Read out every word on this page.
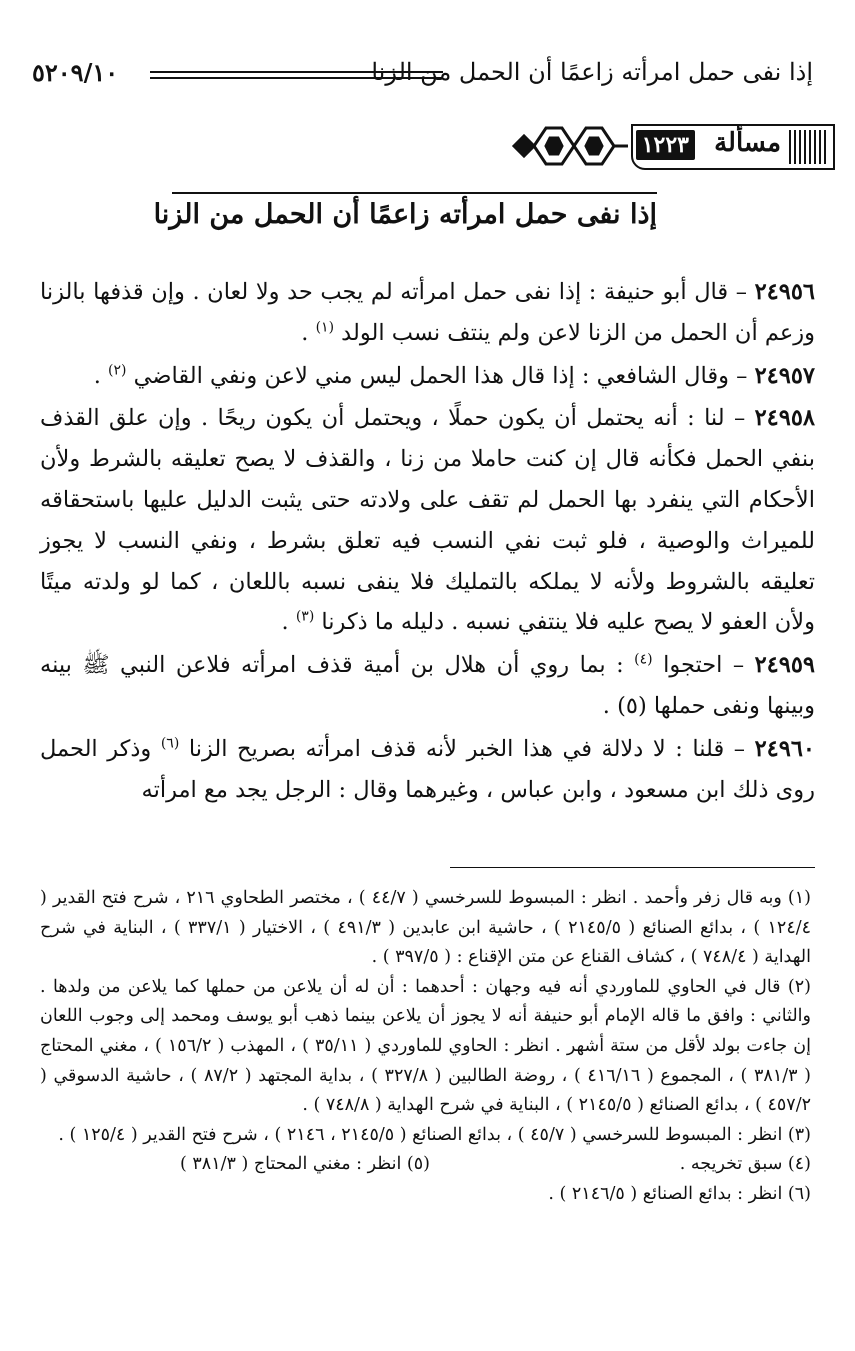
إذا نفى حمل امرأته زاعمًا أن الحمل من الزنا
٥٢٠٩/١٠
مسألة
١٢٢٣
إذا نفى حمل امرأته زاعمًا أن الحمل من الزنا

٢٤٩٥٦ – قال أبو حنيفة : إذا نفى حمل امرأته لم يجب حد ولا لعان . وإن قذفها بالزنا وزعم أن الحمل من الزنا لاعن ولم ينتف نسب الولد $^{(١)}$ .

٢٤٩٥٧ – وقال الشافعي : إذا قال هذا الحمل ليس مني لاعن ونفي القاضي $^{(٢)}$ .

٢٤٩٥٨ – لنا : أنه يحتمل أن يكون حملًا ، ويحتمل أن يكون ريحًا . وإن علق القذف بنفي الحمل فكأنه قال إن كنت حاملا من زنا ، والقذف لا يصح تعليقه بالشرط ولأن الأحكام التي ينفرد بها الحمل لم تقف على ولادته حتى يثبت الدليل عليها باستحقاقه للميراث والوصية ، فلو ثبت نفي النسب فيه تعلق بشرط ، ونفي النسب لا يجوز تعليقه بالشروط ولأنه لا يملكه بالتمليك فلا ينفى نسبه باللعان ، كما لو ولدته ميتًا ولأن العفو لا يصح عليه فلا ينتفي نسبه . دليله ما ذكرنا $^{(٣)}$ .

٢٤٩٥٩ – احتجوا $^{(٤)}$ : بما روي أن هلال بن أمية قذف امرأته فلاعن النبي ﷺ بينه وبينها ونفى حملها (٥) .

٢٤٩٦٠ – قلنا : لا دلالة في هذا الخبر لأنه قذف امرأته بصريح الزنا $^{(٦)}$ وذكر الحمل روى ذلك ابن مسعود ، وابن عباس ، وغيرهما وقال : الرجل يجد مع امرأته

(١) وبه قال زفر وأحمد . انظر : المبسوط للسرخسي ( ٤٤/٧ ) ، مختصر الطحاوي ٢١٦ ، شرح فتح القدير ( ١٢٤/٤ ) ، بدائع الصنائع ( ٢١٤٥/٥ ) ، حاشية ابن عابدين ( ٤٩١/٣ ) ، الاختيار ( ٣٣٧/١ ) ، البناية في شرح الهداية ( ٧٤٨/٤ ) ، كشاف القناع عن متن الإقناع : ( ٣٩٧/٥ ) .

(٢) قال في الحاوي للماوردي أنه فيه وجهان : أحدهما : أن له أن يلاعن من حملها كما يلاعن من ولدها . والثاني : وافق ما قاله الإمام أبو حنيفة أنه لا يجوز أن يلاعن بينما ذهب أبو يوسف ومحمد إلى وجوب اللعان إن جاءت بولد لأقل من ستة أشهر . انظر : الحاوي للماوردي ( ٣٥/١١ ) ، المهذب ( ١٥٦/٢ ) ، مغني المحتاج ( ٣٨١/٣ ) ، المجموع ( ٤١٦/١٦ ) ، روضة الطالبين ( ٣٢٧/٨ ) ، بداية المجتهد ( ٨٧/٢ ) ، حاشية الدسوقي ( ٤٥٧/٢ ) ، بدائع الصنائع ( ٢١٤٥/٥ ) ، البناية في شرح الهداية ( ٧٤٨/٨ ) .

(٣) انظر : المبسوط للسرخسي ( ٤٥/٧ ) ، بدائع الصنائع ( ٢١٤٥/٥ ، ٢١٤٦ ) ، شرح فتح القدير ( ١٢٥/٤ ) .

(٤) سبق تخريجه .

(٥) انظر : مغني المحتاج ( ٣٨١/٣ )

(٦) انظر : بدائع الصنائع ( ٢١٤٦/٥ ) .
